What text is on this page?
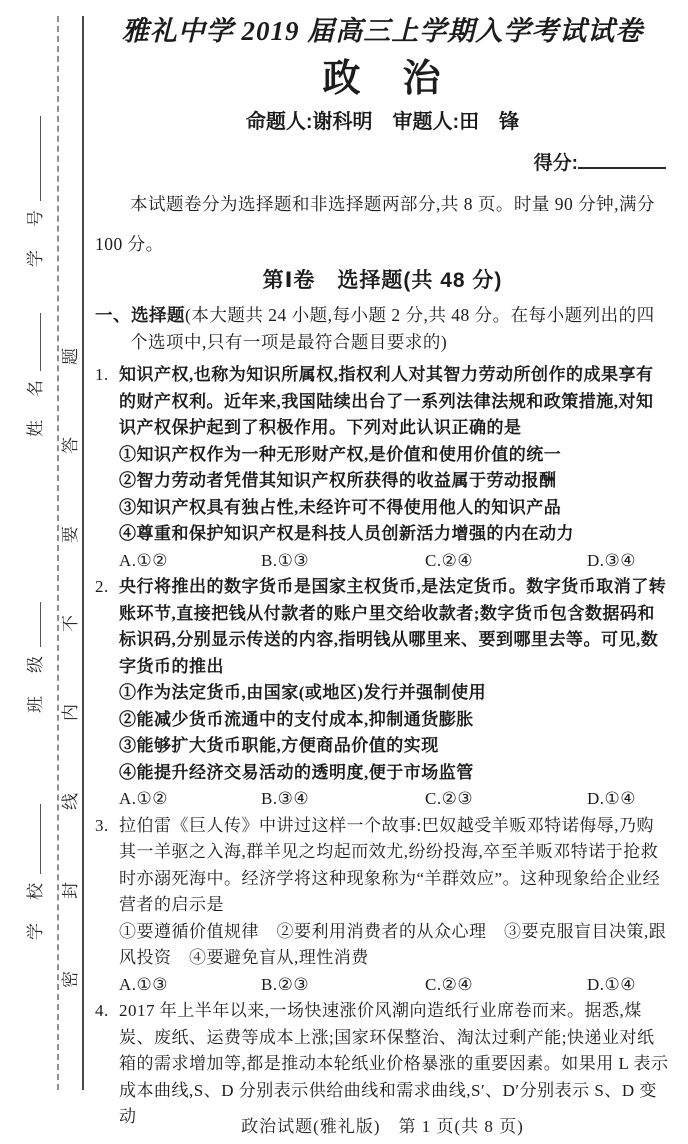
学　号
姓　名
班　级
学　校 密封线内不要答题
雅礼中学 2019 届高三上学期入学考试试卷
政　治
命题人:谢科明　审题人:田　锋
得分:

本试题卷分为选择题和非选择题两部分,共 8 页。时量 90 分钟,满分 100 分。

第Ⅰ卷　选择题(共 48 分)
一、选择题(本大题共 24 小题,每小题 2 分,共 48 分。在每小题列出的四个选项中,只有一项是最符合题目要求的)
1. 知识产权,也称为知识所属权,指权利人对其智力劳动所创作的成果享有的财产权利。近年来,我国陆续出台了一系列法律法规和政策措施,对知识产权保护起到了积极作用。下列对此认识正确的是
①知识产权作为一种无形财产权,是价值和使用价值的统一
②智力劳动者凭借其知识产权所获得的收益属于劳动报酬
③知识产权具有独占性,未经许可不得使用他人的知识产品
④尊重和保护知识产权是科技人员创新活力增强的内在动力
A.①②	B.①③	C.②④	D.③④
2. 央行将推出的数字货币是国家主权货币,是法定货币。数字货币取消了转账环节,直接把钱从付款者的账户里交给收款者;数字货币包含数据码和标识码,分别显示传送的内容,指明钱从哪里来、要到哪里去等。可见,数字货币的推出
①作为法定货币,由国家(或地区)发行并强制使用
②能减少货币流通中的支付成本,抑制通货膨胀
③能够扩大货币职能,方便商品价值的实现
④能提升经济交易活动的透明度,便于市场监管
A.①②	B.③④	C.②③	D.①④
3. 拉伯雷《巨人传》中讲过这样一个故事:巴奴越受羊贩邓特诺侮辱,乃购其一羊驱之入海,群羊见之均起而效尤,纷纷投海,卒至羊贩邓特诺于抢救时亦溺死海中。经济学将这种现象称为“羊群效应”。这种现象给企业经营者的启示是
①要遵循价值规律　②要利用消费者的从众心理　③要克服盲目决策,跟风投资　④要避免盲从,理性消费
A.①③	B.②③	C.②④	D.①④
4. 2017 年上半年以来,一场快速涨价风潮向造纸行业席卷而来。据悉,煤炭、废纸、运费等成本上涨;国家环保整治、淘汰过剩产能;快递业对纸箱的需求增加等,都是推动本轮纸业价格暴涨的重要因素。如果用 L 表示成本曲线,S、D 分别表示供给曲线和需求曲线,S′、D′分别表示 S、D 变动
政治试题(雅礼版)　第 1 页(共 8 页)
